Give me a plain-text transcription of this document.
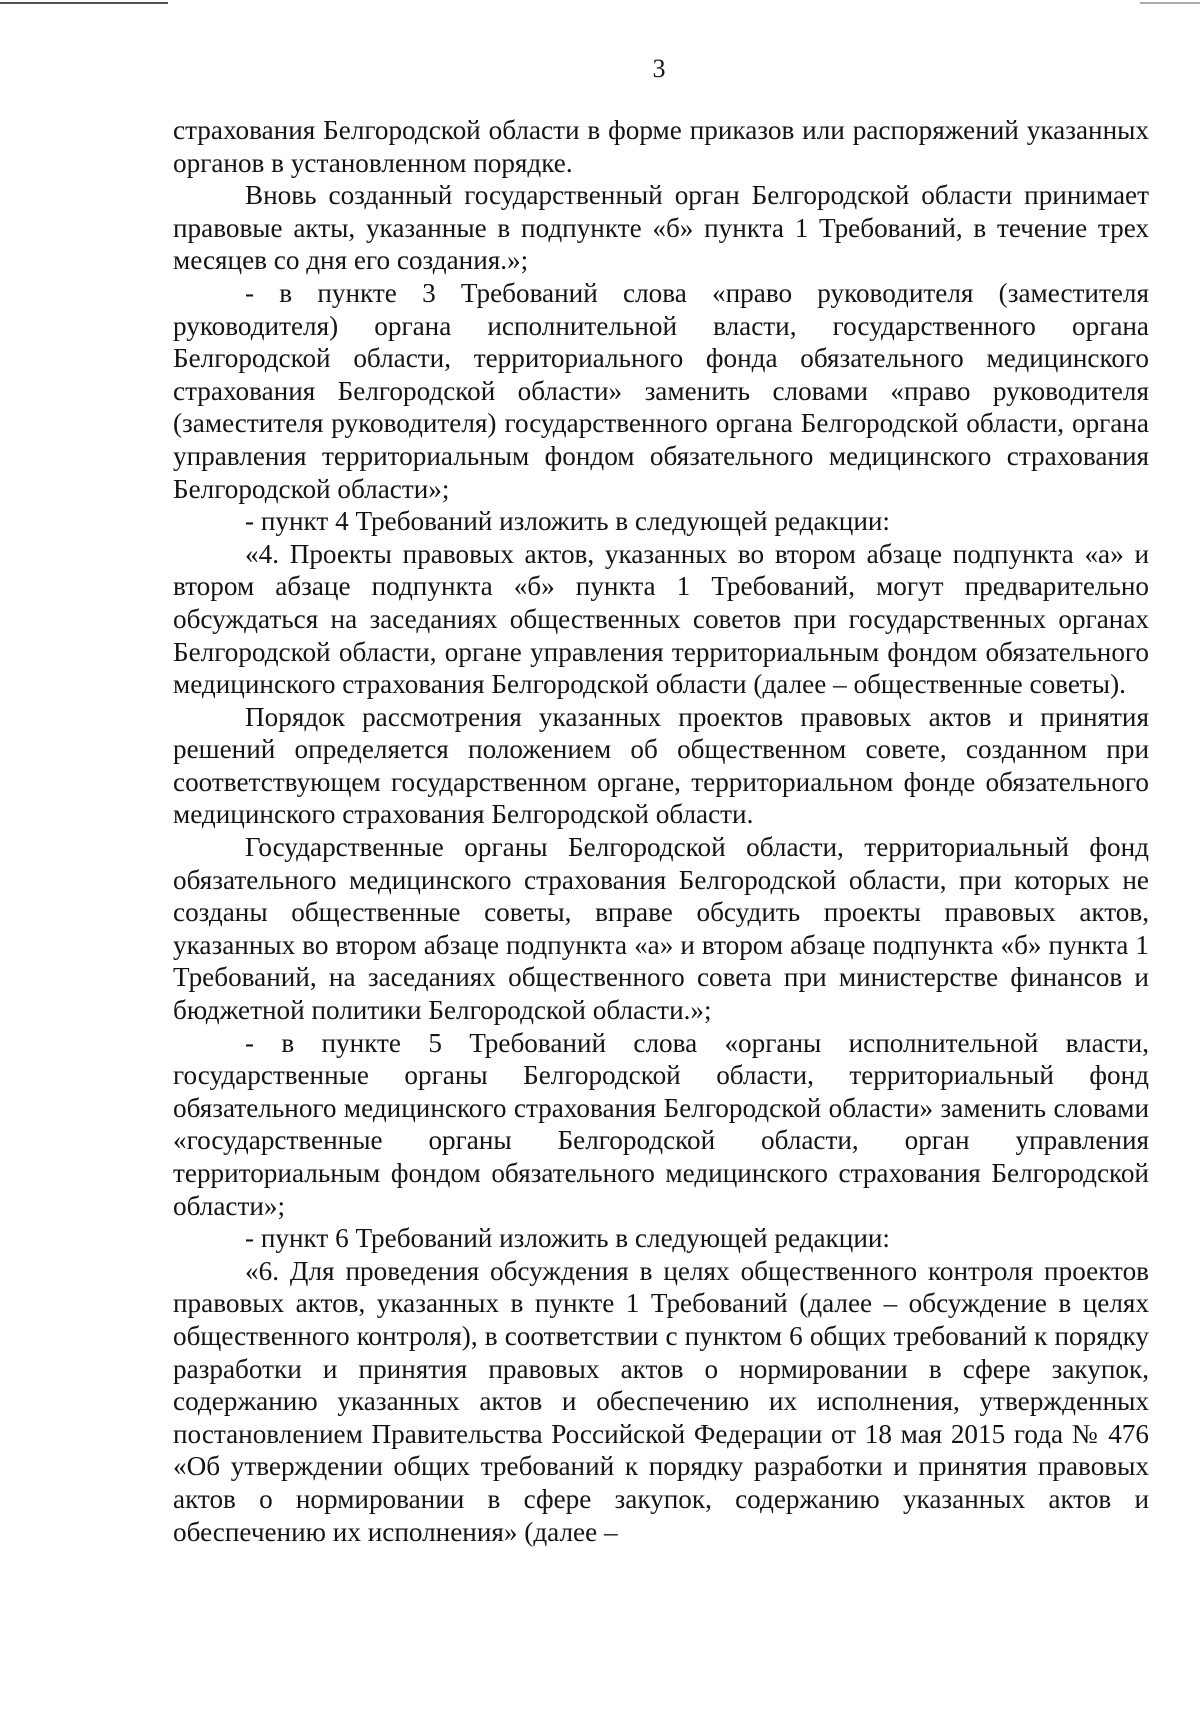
3

страхования Белгородской области в форме приказов или распоряжений указанных органов в установленном порядке.

Вновь созданный государственный орган Белгородской области принимает правовые акты, указанные в подпункте «б» пункта 1 Требований, в течение трех месяцев со дня его создания.»;

- в пункте 3 Требований слова «право руководителя (заместителя руководителя) органа исполнительной власти, государственного органа Белгородской области, территориального фонда обязательного медицинского страхования Белгородской области» заменить словами «право руководителя (заместителя руководителя) государственного органа Белгородской области, органа управления территориальным фондом обязательного медицинского страхования Белгородской области»;

- пункт 4 Требований изложить в следующей редакции:

«4. Проекты правовых актов, указанных во втором абзаце подпункта «а» и втором абзаце подпункта «б» пункта 1 Требований, могут предварительно обсуждаться на заседаниях общественных советов при государственных органах Белгородской области, органе управления территориальным фондом обязательного медицинского страхования Белгородской области (далее – общественные советы).

Порядок рассмотрения указанных проектов правовых актов и принятия решений определяется положением об общественном совете, созданном при соответствующем государственном органе, территориальном фонде обязательного медицинского страхования Белгородской области.

Государственные органы Белгородской области, территориальный фонд обязательного медицинского страхования Белгородской области, при которых не созданы общественные советы, вправе обсудить проекты правовых актов, указанных во втором абзаце подпункта «а» и втором абзаце подпункта «б» пункта 1 Требований, на заседаниях общественного совета при министерстве финансов и бюджетной политики Белгородской области.»;

- в пункте 5 Требований слова «органы исполнительной власти, государственные органы Белгородской области, территориальный фонд обязательного медицинского страхования Белгородской области» заменить словами «государственные органы Белгородской области, орган управления территориальным фондом обязательного медицинского страхования Белгородской области»;

- пункт 6 Требований изложить в следующей редакции:

«6. Для проведения обсуждения в целях общественного контроля проектов правовых актов, указанных в пункте 1 Требований (далее – обсуждение в целях общественного контроля), в соответствии с пунктом 6 общих требований к порядку разработки и принятия правовых актов о нормировании в сфере закупок, содержанию указанных актов и обеспечению их исполнения, утвержденных постановлением Правительства Российской Федерации от 18 мая 2015 года № 476 «Об утверждении общих требований к порядку разработки и принятия правовых актов о нормировании в сфере закупок, содержанию указанных актов и обеспечению их исполнения» (далее –
